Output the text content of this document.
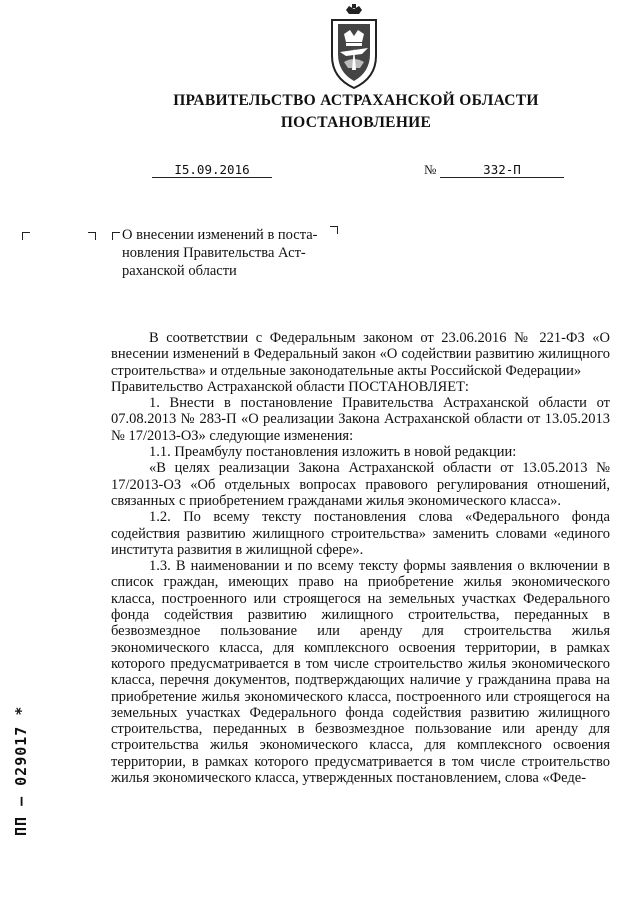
ПРАВИТЕЛЬСТВО АСТРАХАНСКОЙ ОБЛАСТИ
ПОСТАНОВЛЕНИЕ
I5.09.2016	№	332-П
О внесении изменений в поста-
новления Правительства Аст-
раханской области

В соответствии с Федеральным законом от 23.06.2016 № 221-ФЗ «О внесении изменений в Федеральный закон «О содействии развитию жилищного строительства» и отдельные законодательные акты Российской Федерации»

Правительство Астраханской области ПОСТАНОВЛЯЕТ:

1. Внести в постановление Правительства Астраханской области от 07.08.2013 № 283-П «О реализации Закона Астраханской области от 13.05.2013 № 17/2013-ОЗ» следующие изменения:

1.1. Преамбулу постановления изложить в новой редакции:

«В целях реализации Закона Астраханской области от 13.05.2013 № 17/2013-ОЗ «Об отдельных вопросах правового регулирования отношений, связанных с приобретением гражданами жилья экономического класса».

1.2. По всему тексту постановления слова «Федерального фонда содействия развитию жилищного строительства» заменить словами «единого института развития в жилищной сфере».

1.3. В наименовании и по всему тексту формы заявления о включении в список граждан, имеющих право на приобретение жилья экономического класса, построенного или строящегося на земельных участках Федерального фонда содействия развитию жилищного строительства, переданных в безвозмездное пользование или аренду для строительства жилья экономического класса, для комплексного освоения территории, в рамках которого предусматривается в том числе строительство жилья экономического класса, перечня документов, подтверждающих наличие у гражданина права на приобретение жилья экономического класса, построенного или строящегося на земельных участках Федерального фонда содействия развитию жилищного строительства, переданных в безвозмездное пользование или аренду для строительства жилья экономического класса, для комплексного освоения территории, в рамках которого предусматривается в том числе строительство жилья экономического класса, утвержденных постановлением, слова «Феде-

ПП – 029017 *
